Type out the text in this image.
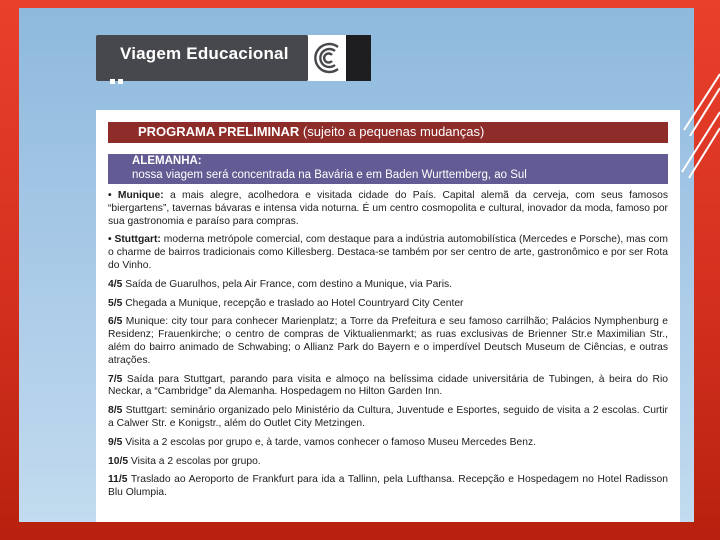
Viagem Educacional
PROGRAMA PRELIMINAR (sujeito a pequenas mudanças)
ALEMANHA:
nossa viagem será concentrada na Bavária e em Baden Wurttemberg, ao Sul

• Munique: a mais alegre, acolhedora e visitada cidade do País. Capital alemã da cerveja, com seus famosos “biergartens”, tavernas bávaras e intensa vida noturna. É um centro cosmopolita e cultural, inovador da moda, famoso por sua gastronomia e paraíso para compras.

• Stuttgart: moderna metrópole comercial, com destaque para a indústria automobilística (Mercedes e Porsche), mas com o charme de bairros tradicionais como Killesberg. Destaca-se também por ser centro de arte, gastronômico e por ser Rota do Vinho.

4/5 Saída de Guarulhos, pela Air France, com destino a Munique, via Paris.

5/5 Chegada a Munique, recepção e traslado ao Hotel Countryard City Center

6/5 Munique: city tour para conhecer Marienplatz; a Torre da Prefeitura e seu famoso carrilhão; Palácios Nymphenburg e Residenz; Frauenkirche; o centro de compras de Viktualienmarkt; as ruas exclusivas de Brienner Str.e Maximilian Str., além do bairro animado de Schwabing; o Allianz Park do Bayern e o imperdível Deutsch Museum de Ciências, e outras atrações.

7/5 Saída para Stuttgart, parando para visita e almoço na belíssima cidade universitária de Tubingen, à beira do Rio Neckar, a “Cambridge” da Alemanha. Hospedagem no Hilton Garden Inn.

8/5 Stuttgart: seminário organizado pelo Ministério da Cultura, Juventude e Esportes, seguido de visita a 2 escolas. Curtir a Calwer Str. e Konigstr., além do Outlet City Metzingen.

9/5 Visita a 2 escolas por grupo e, à tarde, vamos conhecer o famoso Museu Mercedes Benz.

10/5 Visita a 2 escolas por grupo.

11/5 Traslado ao Aeroporto de Frankfurt para ida a Tallinn, pela Lufthansa. Recepção e Hospedagem no Hotel Radisson Blu Olumpia.
